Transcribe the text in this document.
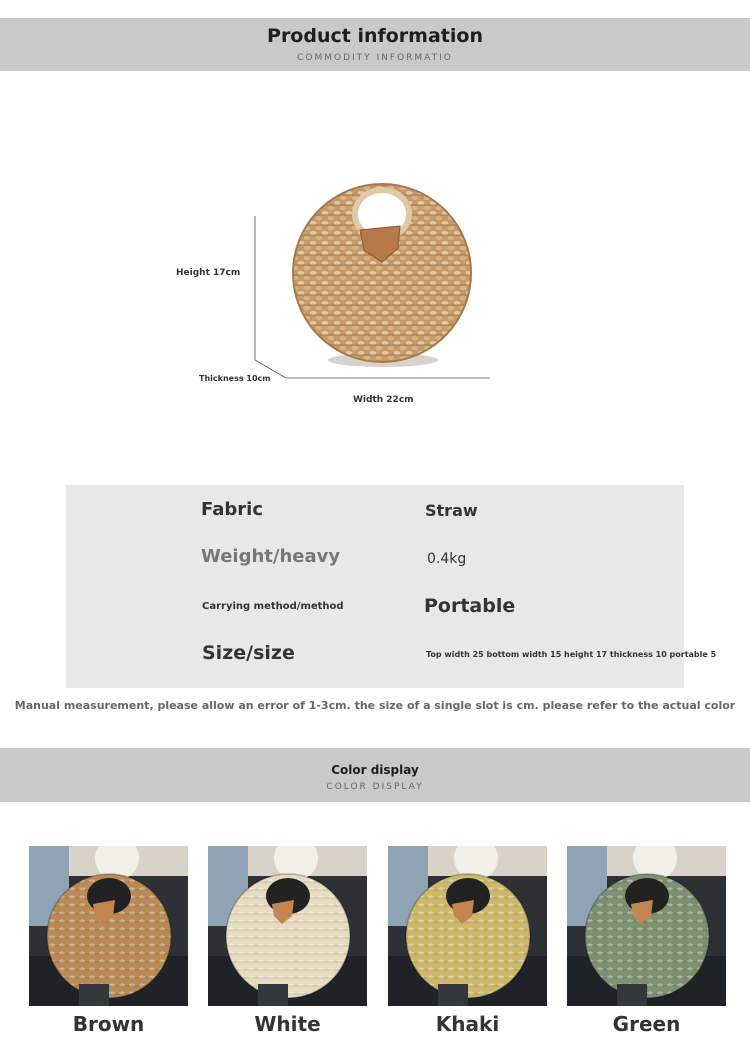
Product information
COMMODITY INFORMATIO
Height 17cm
Thickness 10cm
Width 22cm
Fabric	Straw
Weight/heavy	0.4kg
Carrying method/method	Portable
Size/size	Top width 25 bottom width 15 height 17 thickness 10 portable 5
Manual measurement, please allow an error of 1-3cm. the size of a single slot is cm. please refer to the actual color
Color display
COLOR DISPLAY
Brown	White	Khaki	Green
